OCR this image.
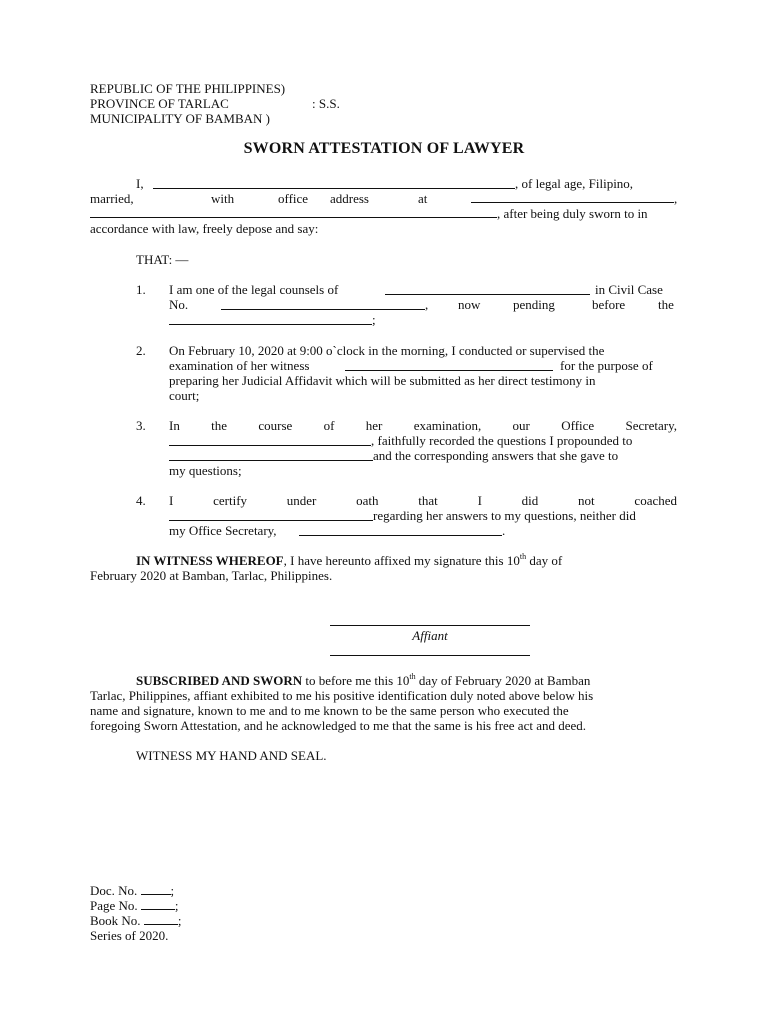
REPUBLIC OF THE PHILIPPINES)
PROVINCE OF TARLAC	: S.S.
MUNICIPALITY OF BAMBAN )
SWORN ATTESTATION OF LAWYER
I,	, of legal age, Filipino,
married,	with	office address	at	,
, after being duly sworn to in
accordance with law, freely depose and say:
THAT: —
1. I am one of the legal counsels of	in Civil Case
No.	, now	pending	before	the
;
2. On February 10, 2020 at 9:00 o`clock in the morning, I conducted or supervised the
examination of her witness	for the purpose of
preparing her Judicial Affidavit which will be submitted as her direct testimony in
court;
3. In the course of her examination, our Office Secretary,
, faithfully recorded the questions I propounded to
and the corresponding answers that she gave to
my questions;
4. I certify under oath that I did not coached
regarding her answers to my questions, neither did
my Office Secretary,	.
IN WITNESS WHEREOF, I have hereunto affixed my signature this 10th day of
February 2020 at Bamban, Tarlac, Philippines.
Affiant
SUBSCRIBED AND SWORN to before me this 10th day of February 2020 at Bamban
Tarlac, Philippines, affiant exhibited to me his positive identification duly noted above below his
name and signature, known to me and to me known to be the same person who executed the
foregoing Sworn Attestation, and he acknowledged to me that the same is his free act and deed.
WITNESS MY HAND AND SEAL.
Doc. No.	;
Page No.	;
Book No.	;
Series of 2020.
